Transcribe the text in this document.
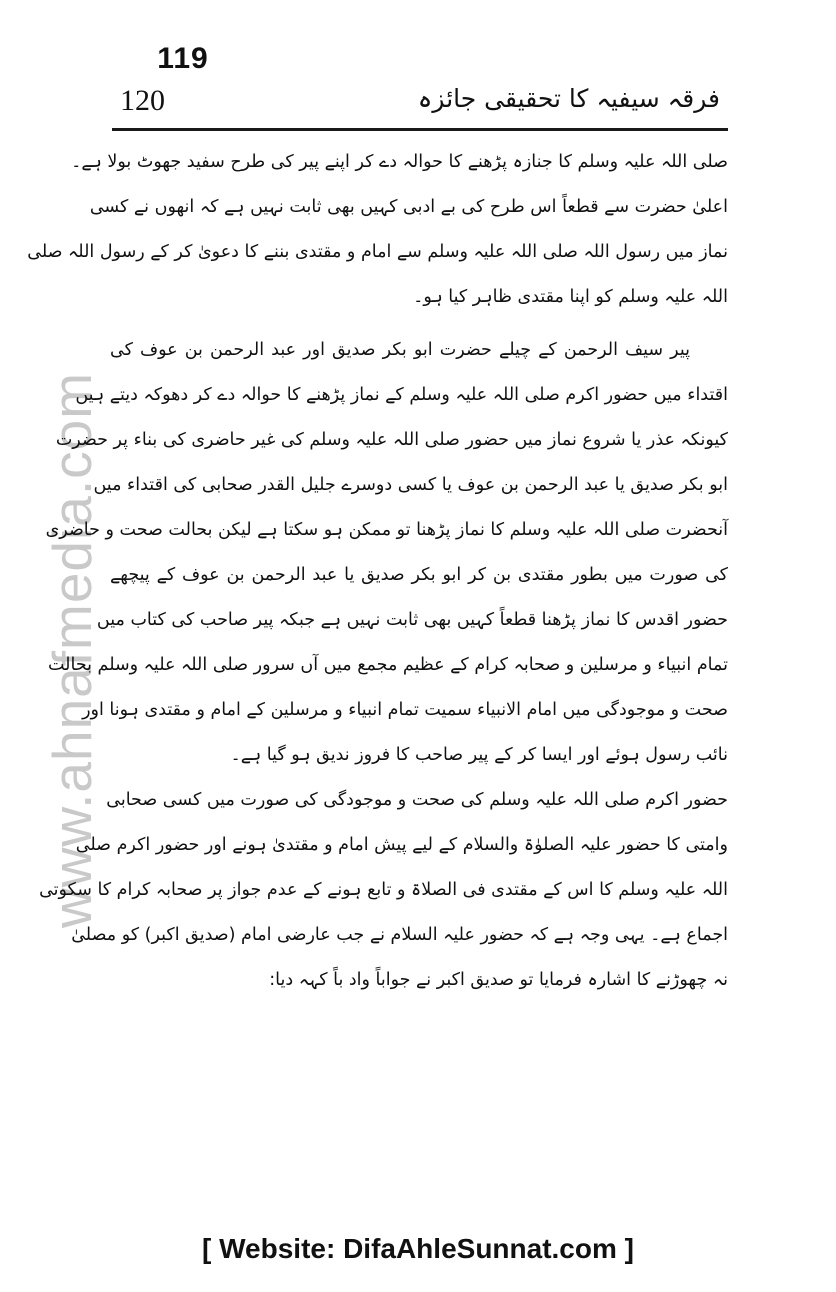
119
120	فرقہ سیفیہ کا تحقیقی جائزہ
www.ahnafmedia.com
صلی اللہ علیہ وسلم کا جنازہ پڑھنے کا حوالہ دے کر اپنے پیر کی طرح سفید جھوٹ بولا ہے۔
اعلیٰ حضرت سے قطعاً اس طرح کی بے ادبی کہیں بھی ثابت نہیں ہے کہ انھوں نے کسی
نماز میں رسول اللہ صلی اللہ علیہ وسلم سے امام و مقتدی بننے کا دعویٰ کر کے رسول اللہ صلی
اللہ علیہ وسلم کو اپنا مقتدی ظاہر کیا ہو۔
پیر سیف الرحمن کے چیلے حضرت ابو بکر صدیق اور عبد الرحمن بن عوف کی
اقتداء میں حضور اکرم صلی اللہ علیہ وسلم کے نماز پڑھنے کا حوالہ دے کر دھوکہ دیتے ہیں
کیونکہ عذر یا شروع نماز میں حضور صلی اللہ علیہ وسلم کی غیر حاضری کی بناء پر حضرت
ابو بکر صدیق یا عبد الرحمن بن عوف یا کسی دوسرے جلیل القدر صحابی کی اقتداء میں
آنحضرت صلی اللہ علیہ وسلم کا نماز پڑھنا تو ممکن ہو سکتا ہے لیکن بحالت صحت و حاضری
کی صورت میں بطور مقتدی بن کر ابو بکر صدیق یا عبد الرحمن بن عوف کے پیچھے
حضور اقدس کا نماز پڑھنا قطعاً کہیں بھی ثابت نہیں ہے جبکہ پیر صاحب کی کتاب میں
تمام انبیاء و مرسلین و صحابہ کرام کے عظیم مجمع میں آں سرور صلی اللہ علیہ وسلم بحالت
صحت و موجودگی میں امام الانبیاء سمیت تمام انبیاء و مرسلین کے امام و مقتدی ہونا اور
نائب رسول ہوئے اور ایسا کر کے پیر صاحب کا فروز ندیق ہو گیا ہے۔
حضور اکرم صلی اللہ علیہ وسلم کی صحت و موجودگی کی صورت میں کسی صحابی
وامتی کا حضور علیہ الصلوٰۃ والسلام کے لیے پیش امام و مقتدیٰ ہونے اور حضور اکرم صلی
اللہ علیہ وسلم کا اس کے مقتدی فی الصلاۃ و تابع ہونے کے عدم جواز پر صحابہ کرام کا سکوتی
اجماع ہے۔ یہی وجہ ہے کہ حضور علیہ السلام نے جب عارضی امام (صدیق اکبر) کو مصلیٰ
نہ چھوڑنے کا اشارہ فرمایا تو صدیق اکبر نے جواباً واد باً کہہ دیا:
[ Website: DifaAhleSunnat.com ]
